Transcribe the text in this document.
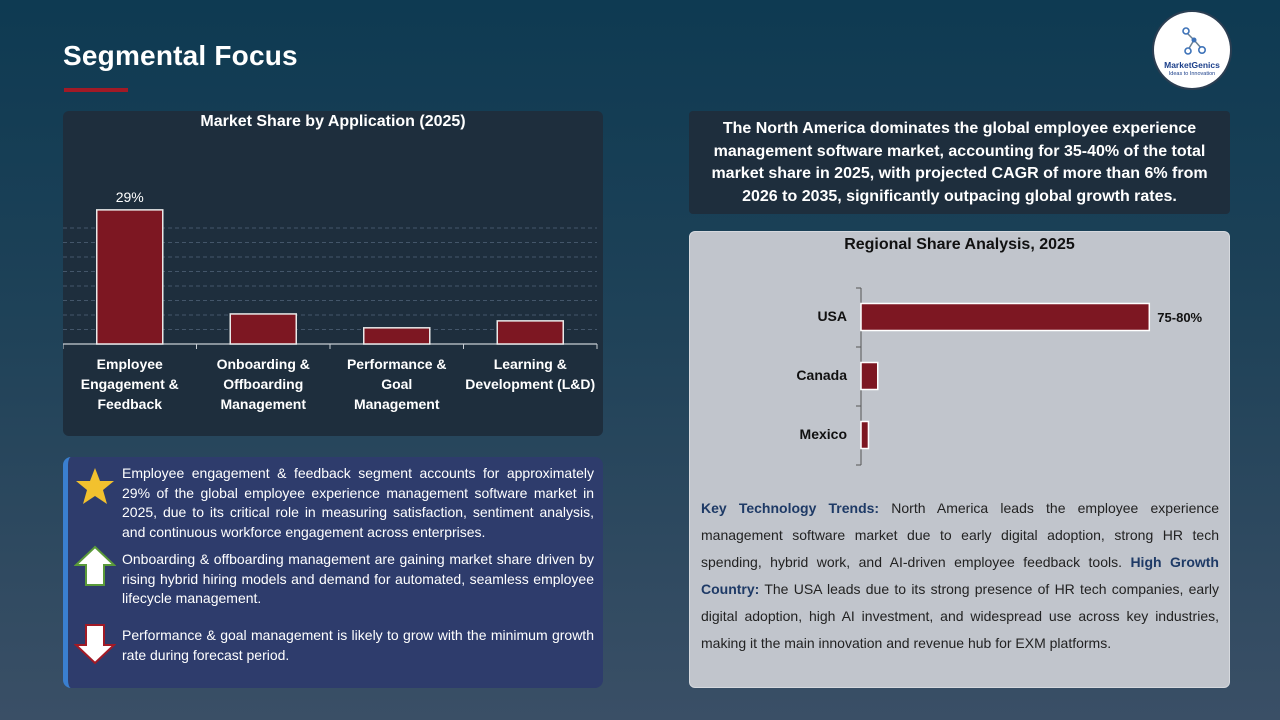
Segmental Focus	MarketGenics
Ideas to Innovation
Market Share by Application (2025)
29%
Employee
Engagement &
Feedback
Onboarding &
Offboarding
Management
Performance & Goal
Management
Learning &
Development (L&D)
Employee engagement & feedback segment accounts for approximately 29% of the global employee experience management software market in 2025, due to its critical role in measuring satisfaction, sentiment analysis, and continuous workforce engagement across enterprises.
Onboarding & offboarding management are gaining market share driven by rising hybrid hiring models and demand for automated, seamless employee lifecycle management.
Performance & goal management is likely to grow with the minimum growth rate during forecast period.
The North America dominates the global employee experience management software market, accounting for 35-40% of the total market share in 2025, with projected CAGR of more than 6% from 2026 to 2035, significantly outpacing global growth rates.
Regional Share Analysis, 2025
75-80%
USA
Canada
Mexico
Key Technology Trends: North America leads the employee experience management software market due to early digital adoption, strong HR tech spending, hybrid work, and AI-driven employee feedback tools. High Growth Country: The USA leads due to its strong presence of HR tech companies, early digital adoption, high AI investment, and widespread use across key industries, making it the main innovation and revenue hub for EXM platforms.
